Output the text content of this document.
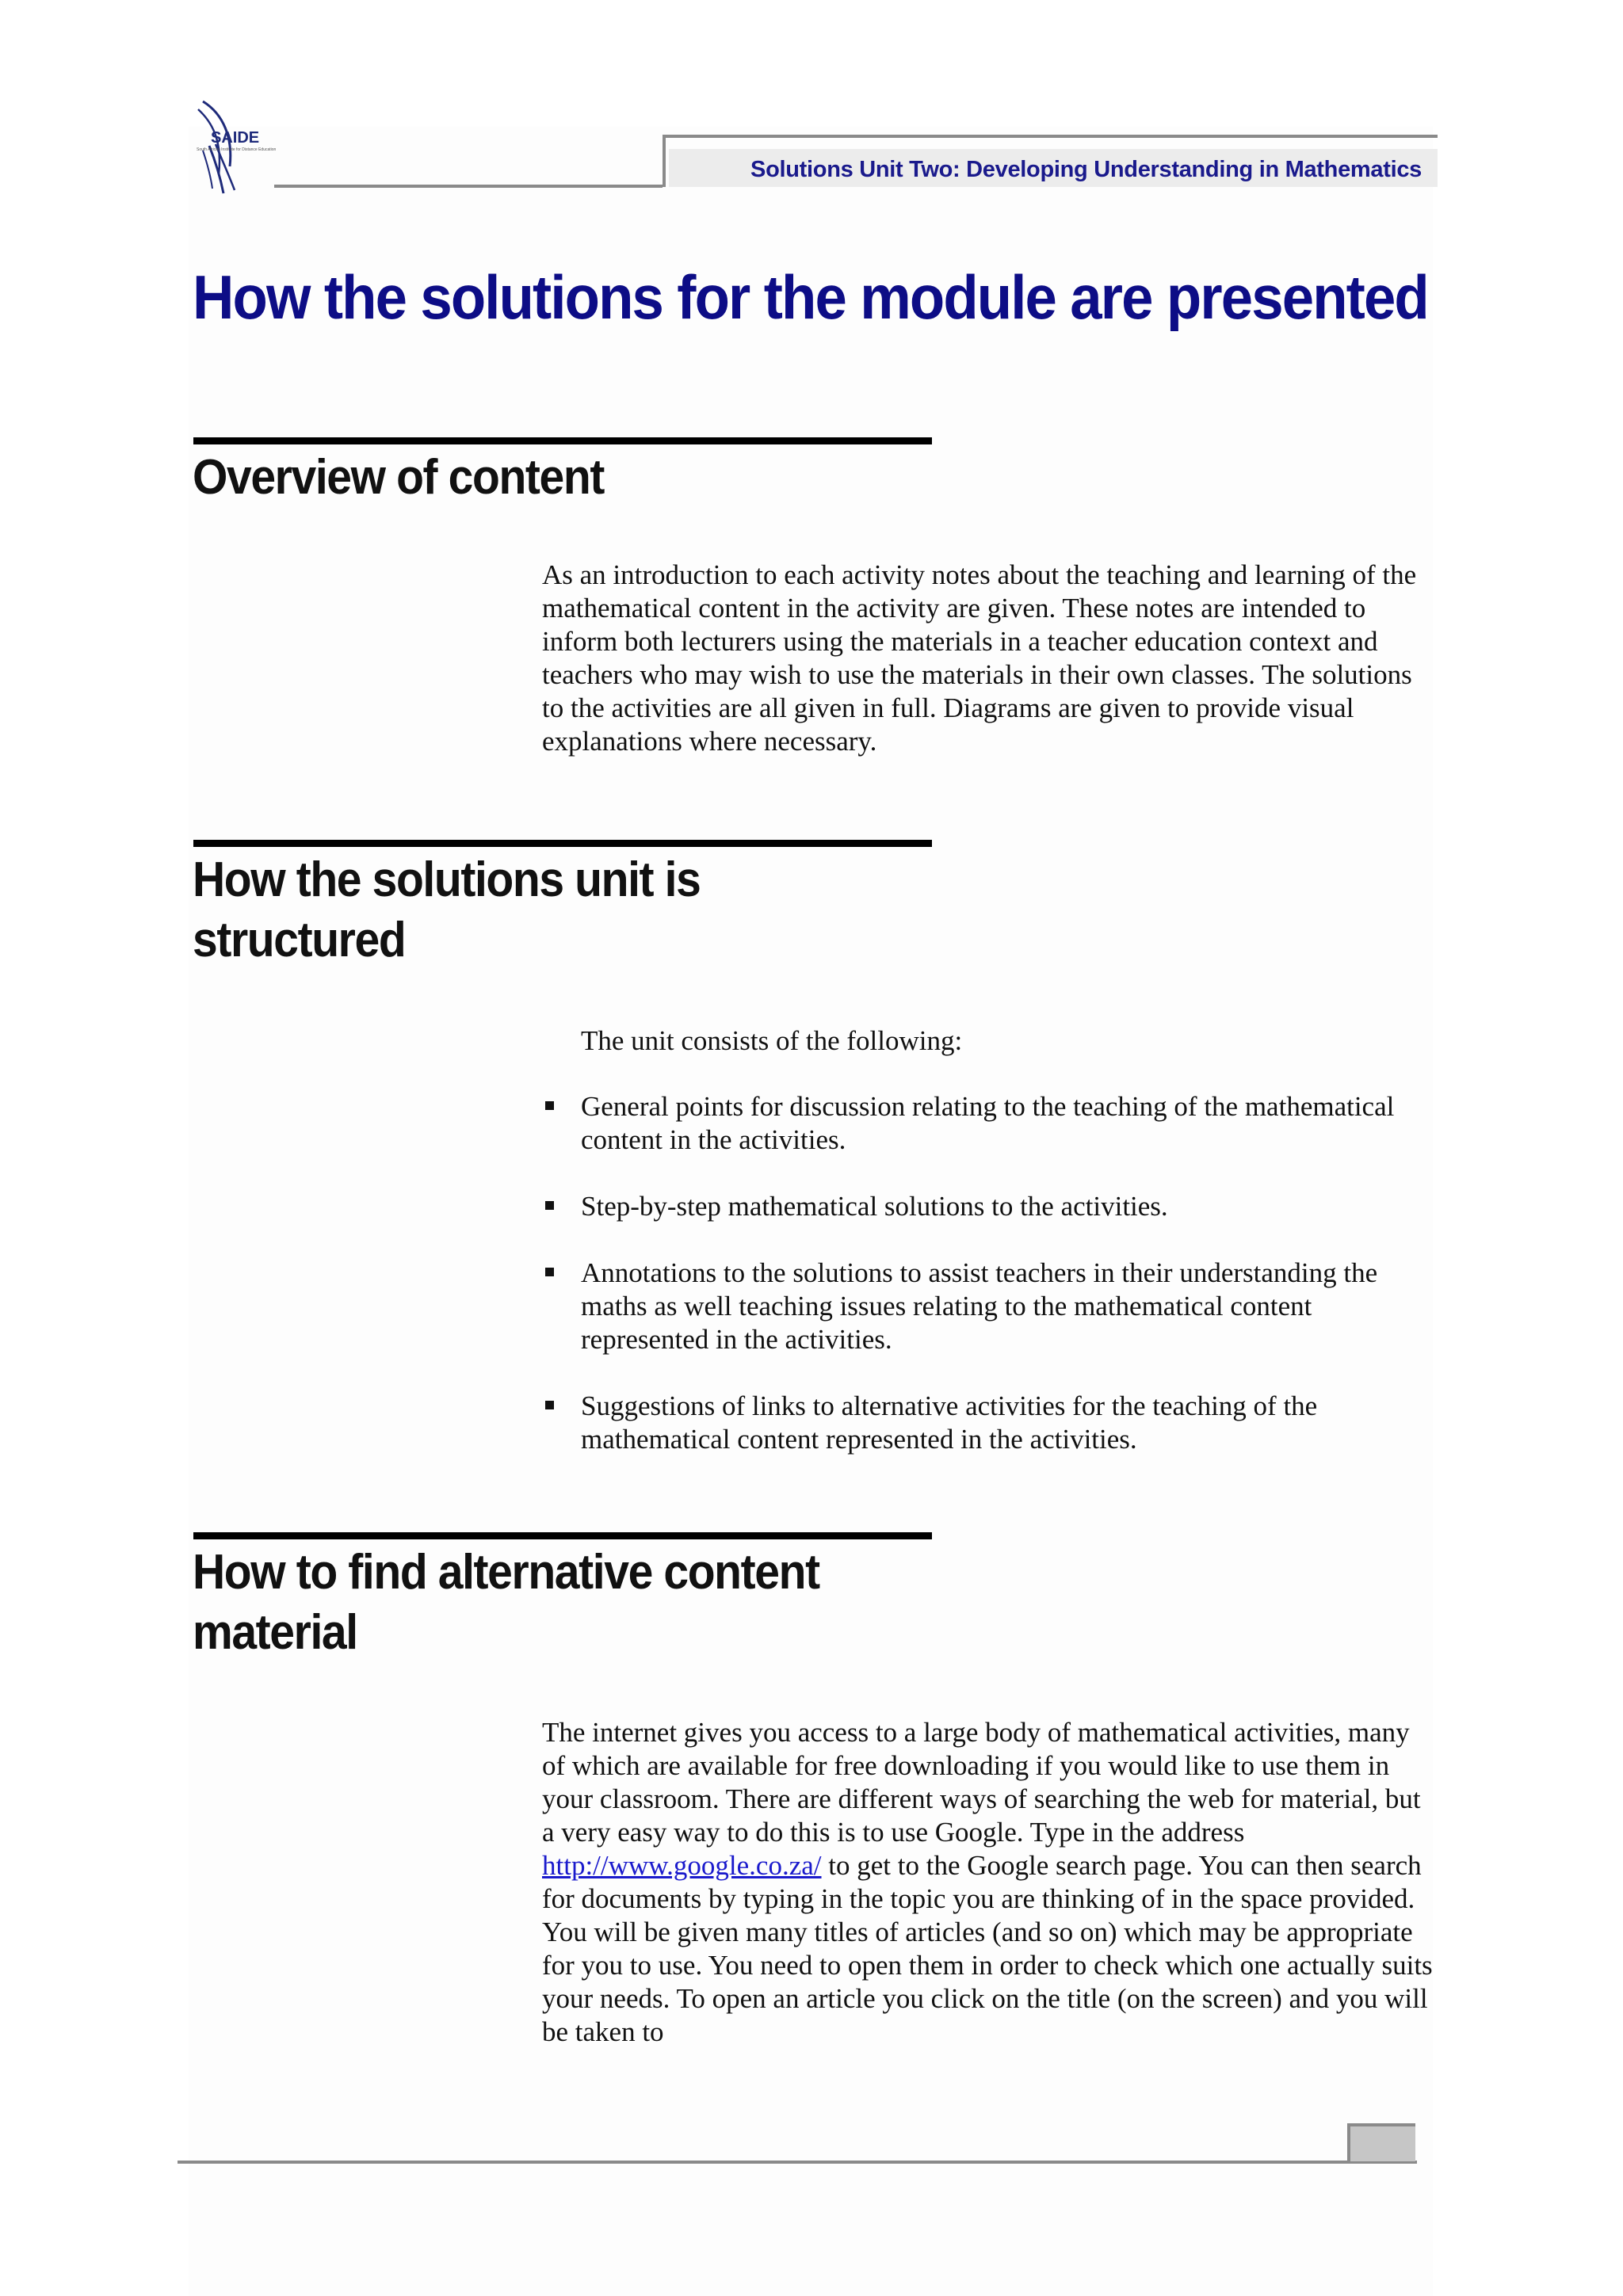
SAIDE
South African Institute for Distance Education
Solutions Unit Two: Developing Understanding in Mathematics
How the solutions for the module are presented
Overview of content

As an introduction to each activity notes about the teaching and learning of the mathematical content in the activity are given. These notes are intended to inform both lecturers using the materials in a teacher education context and teachers who may wish to use the materials in their own classes. The solutions to the activities are all given in full. Diagrams are given to provide visual explanations where necessary.

How the solutions unit is
structured

The unit consists of the following:

General points for discussion relating to the teaching of the mathematical content in the activities.
Step-by-step mathematical solutions to the activities.
Annotations to the solutions to assist teachers in their understanding the maths as well teaching issues relating to the mathematical content represented in the activities.
Suggestions of links to alternative activities for the teaching of the mathematical content represented in the activities.
How to find alternative content
material

The internet gives you access to a large body of mathematical activities, many of which are available for free downloading if you would like to use them in your classroom. There are different ways of searching the web for material, but a very easy way to do this is to use Google. Type in the address http://www.google.co.za/ to get to the Google search page. You can then search for documents by typing in the topic you are thinking of in the space provided. You will be given many titles of articles (and so on) which may be appropriate for you to use. You need to open them in order to check which one actually suits your needs. To open an article you click on the title (on the screen) and you will be taken to
